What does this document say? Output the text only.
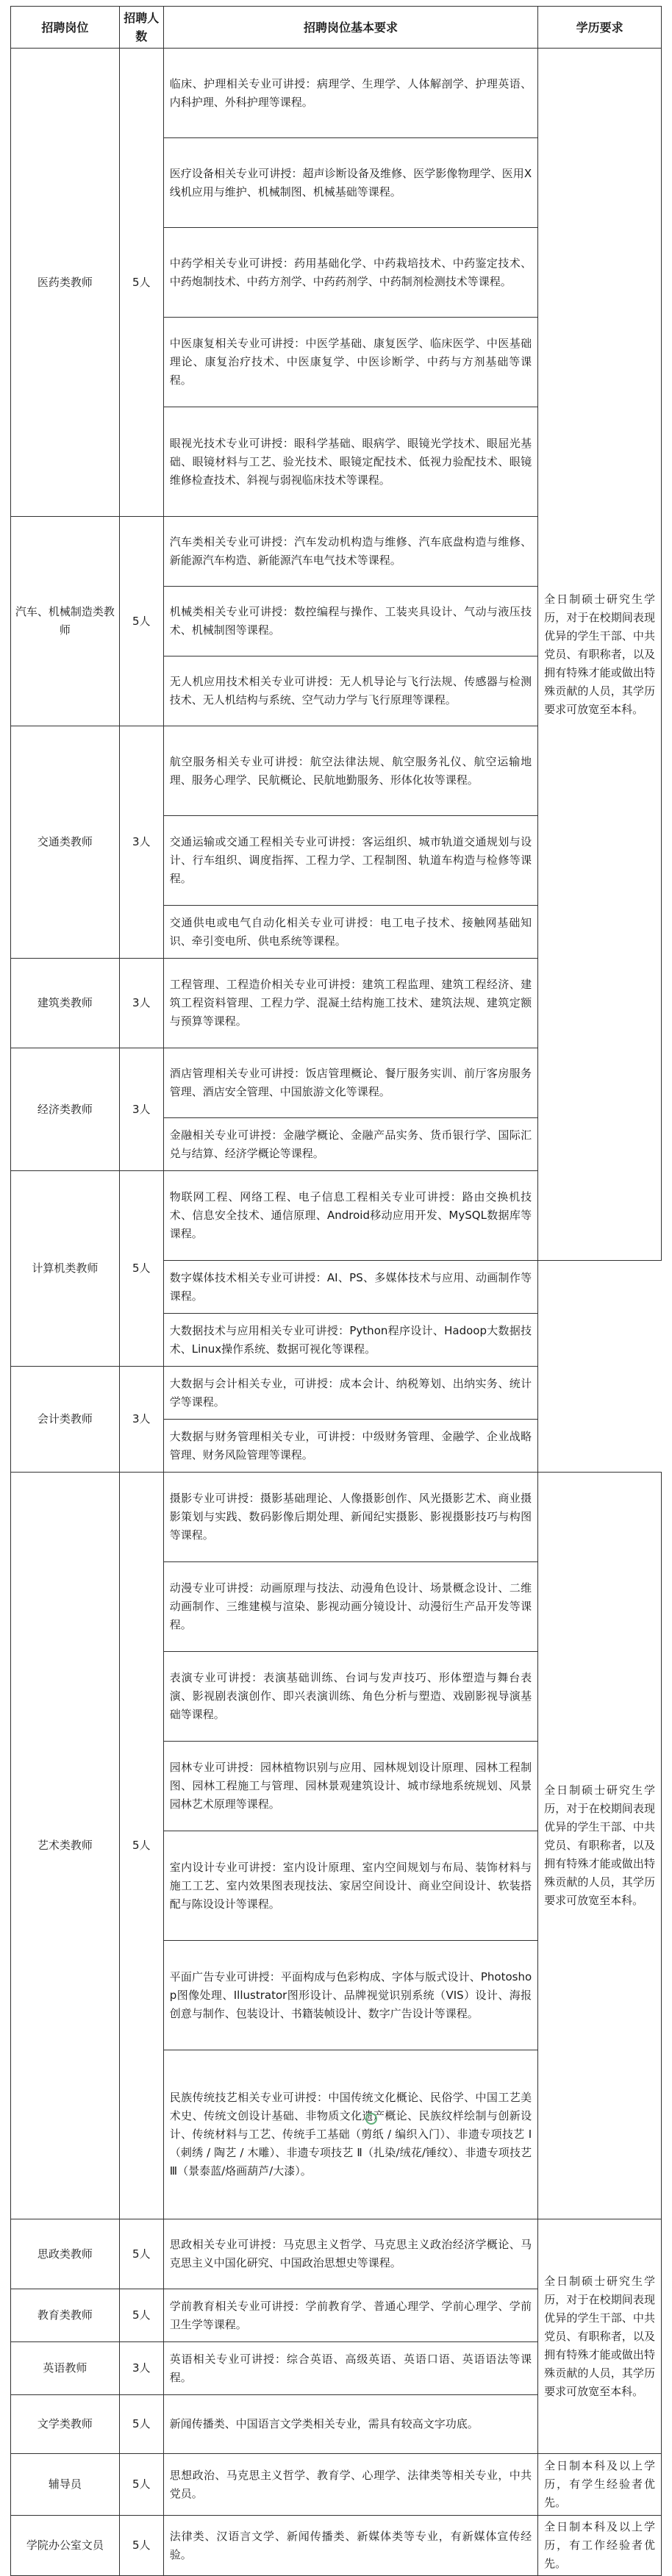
招聘岗位	招聘人数	招聘岗位基本要求	学历要求
医药类教师	5人	临床、护理相关专业可讲授：病理学、生理学、人体解剖学、护理英语、内科护理、外科护理等课程。	全日制硕士研究生学历，对于在校期间表现优异的学生干部、中共党员、有职称者，以及拥有特殊才能或做出特殊贡献的人员，其学历要求可放宽至本科。
		医疗设备相关专业可讲授：超声诊断设备及维修、医学影像物理学、医用X线机应用与维护、机械制图、机械基础等课程。	
		中药学相关专业可讲授：药用基础化学、中药栽培技术、中药鉴定技术、中药炮制技术、中药方剂学、中药药剂学、中药制剂检测技术等课程。	
		中医康复相关专业可讲授：中医学基础、康复医学、临床医学、中医基础理论、康复治疗技术、中医康复学、中医诊断学、中药与方剂基础等课程。	
		眼视光技术专业可讲授：眼科学基础、眼病学、眼镜光学技术、眼屈光基础、眼镜材料与工艺、验光技术、眼镜定配技术、低视力验配技术、眼镜维修检查技术、斜视与弱视临床技术等课程。	
汽车、机械制造类教师	5人	汽车类相关专业可讲授：汽车发动机构造与维修、汽车底盘构造与维修、新能源汽车构造、新能源汽车电气技术等课程。	
		机械类相关专业可讲授：数控编程与操作、工装夹具设计、气动与液压技术、机械制图等课程。	
		无人机应用技术相关专业可讲授：无人机导论与飞行法规、传感器与检测技术、无人机结构与系统、空气动力学与飞行原理等课程。	
交通类教师	3人	航空服务相关专业可讲授：航空法律法规、航空服务礼仪、航空运输地理、服务心理学、民航概论、民航地勤服务、形体化妆等课程。	
		交通运输或交通工程相关专业可讲授：客运组织、城市轨道交通规划与设计、行车组织、调度指挥、工程力学、工程制图、轨道车构造与检修等课程。	
		交通供电或电气自动化相关专业可讲授：电工电子技术、接触网基础知识、牵引变电所、供电系统等课程。	
建筑类教师	3人	工程管理、工程造价相关专业可讲授：建筑工程监理、建筑工程经济、建筑工程资料管理、工程力学、混凝土结构施工技术、建筑法规、建筑定额与预算等课程。	
经济类教师	3人	酒店管理相关专业可讲授：饭店管理概论、餐厅服务实训、前厅客房服务管理、酒店安全管理、中国旅游文化等课程。	
		金融相关专业可讲授：金融学概论、金融产品实务、货币银行学、国际汇兑与结算、经济学概论等课程。	
计算机类教师	5人	物联网工程、网络工程、电子信息工程相关专业可讲授：路由交换机技术、信息安全技术、通信原理、Android移动应用开发、MySQL数据库等课程。	
		数字媒体技术相关专业可讲授：AI、PS、多媒体技术与应用、动画制作等课程。	
		大数据技术与应用相关专业可讲授：Python程序设计、Hadoop大数据技术、Linux操作系统、数据可视化等课程。	
会计类教师	3人	大数据与会计相关专业，可讲授：成本会计、纳税筹划、出纳实务、统计学等课程。	
		大数据与财务管理相关专业，可讲授：中级财务管理、金融学、企业战略管理、财务风险管理等课程。	
艺术类教师	5人	摄影专业可讲授：摄影基础理论、人像摄影创作、风光摄影艺术、商业摄影策划与实践、数码影像后期处理、新闻纪实摄影、影视摄影技巧与构图等课程。	全日制硕士研究生学历，对于在校期间表现优异的学生干部、中共党员、有职称者，以及拥有特殊才能或做出特殊贡献的人员，其学历要求可放宽至本科。
		动漫专业可讲授：动画原理与技法、动漫角色设计、场景概念设计、二维动画制作、三维建模与渲染、影视动画分镜设计、动漫衍生产品开发等课程。	
		表演专业可讲授：表演基础训练、台词与发声技巧、形体塑造与舞台表演、影视剧表演创作、即兴表演训练、角色分析与塑造、戏剧影视导演基础等课程。	
		园林专业可讲授：园林植物识别与应用、园林规划设计原理、园林工程制图、园林工程施工与管理、园林景观建筑设计、城市绿地系统规划、风景园林艺术原理等课程。	
		室内设计专业可讲授：室内设计原理、室内空间规划与布局、装饰材料与施工工艺、室内效果图表现技法、家居空间设计、商业空间设计、软装搭配与陈设设计等课程。	
		平面广告专业可讲授：平面构成与色彩构成、字体与版式设计、Photoshop图像处理、Illustrator图形设计、品牌视觉识别系统（VIS）设计、海报创意与制作、包装设计、书籍装帧设计、数字广告设计等课程。	
		民族传统技艺相关专业可讲授：中国传统文化概论、民俗学、中国工艺美术史、传统文创设计基础、非物质文化遗产概论、民族纹样绘制与创新设计、传统材料与工艺、传统手工基础（剪纸 / 编织入门）、非遗专项技艺 Ⅰ（刺绣 / 陶艺 / 木雕）、非遗专项技艺 Ⅱ（扎染/绒花/锤纹）、非遗专项技艺 Ⅲ（景泰蓝/烙画葫芦/大漆）。	
思政类教师	5人	思政相关专业可讲授：马克思主义哲学、马克思主义政治经济学概论、马克思主义中国化研究、中国政治思想史等课程。	全日制硕士研究生学历，对于在校期间表现优异的学生干部、中共党员、有职称者，以及拥有特殊才能或做出特殊贡献的人员，其学历要求可放宽至本科。
教育类教师	5人	学前教育相关专业可讲授：学前教育学、普通心理学、学前心理学、学前卫生学等课程。	
英语教师	3人	英语相关专业可讲授：综合英语、高级英语、英语口语、英语语法等课程。	
文学类教师	5人	新闻传播类、中国语言文学类相关专业，需具有较高文字功底。	
辅导员	5人	思想政治、马克思主义哲学、教育学、心理学、法律类等相关专业，中共党员。	全日制本科及以上学历，有学生经验者优先。
学院办公室文员	5人	法律类、汉语言文学、新闻传播类、新媒体类等专业，有新媒体宣传经验。	全日制本科及以上学历，有工作经验者优先。
